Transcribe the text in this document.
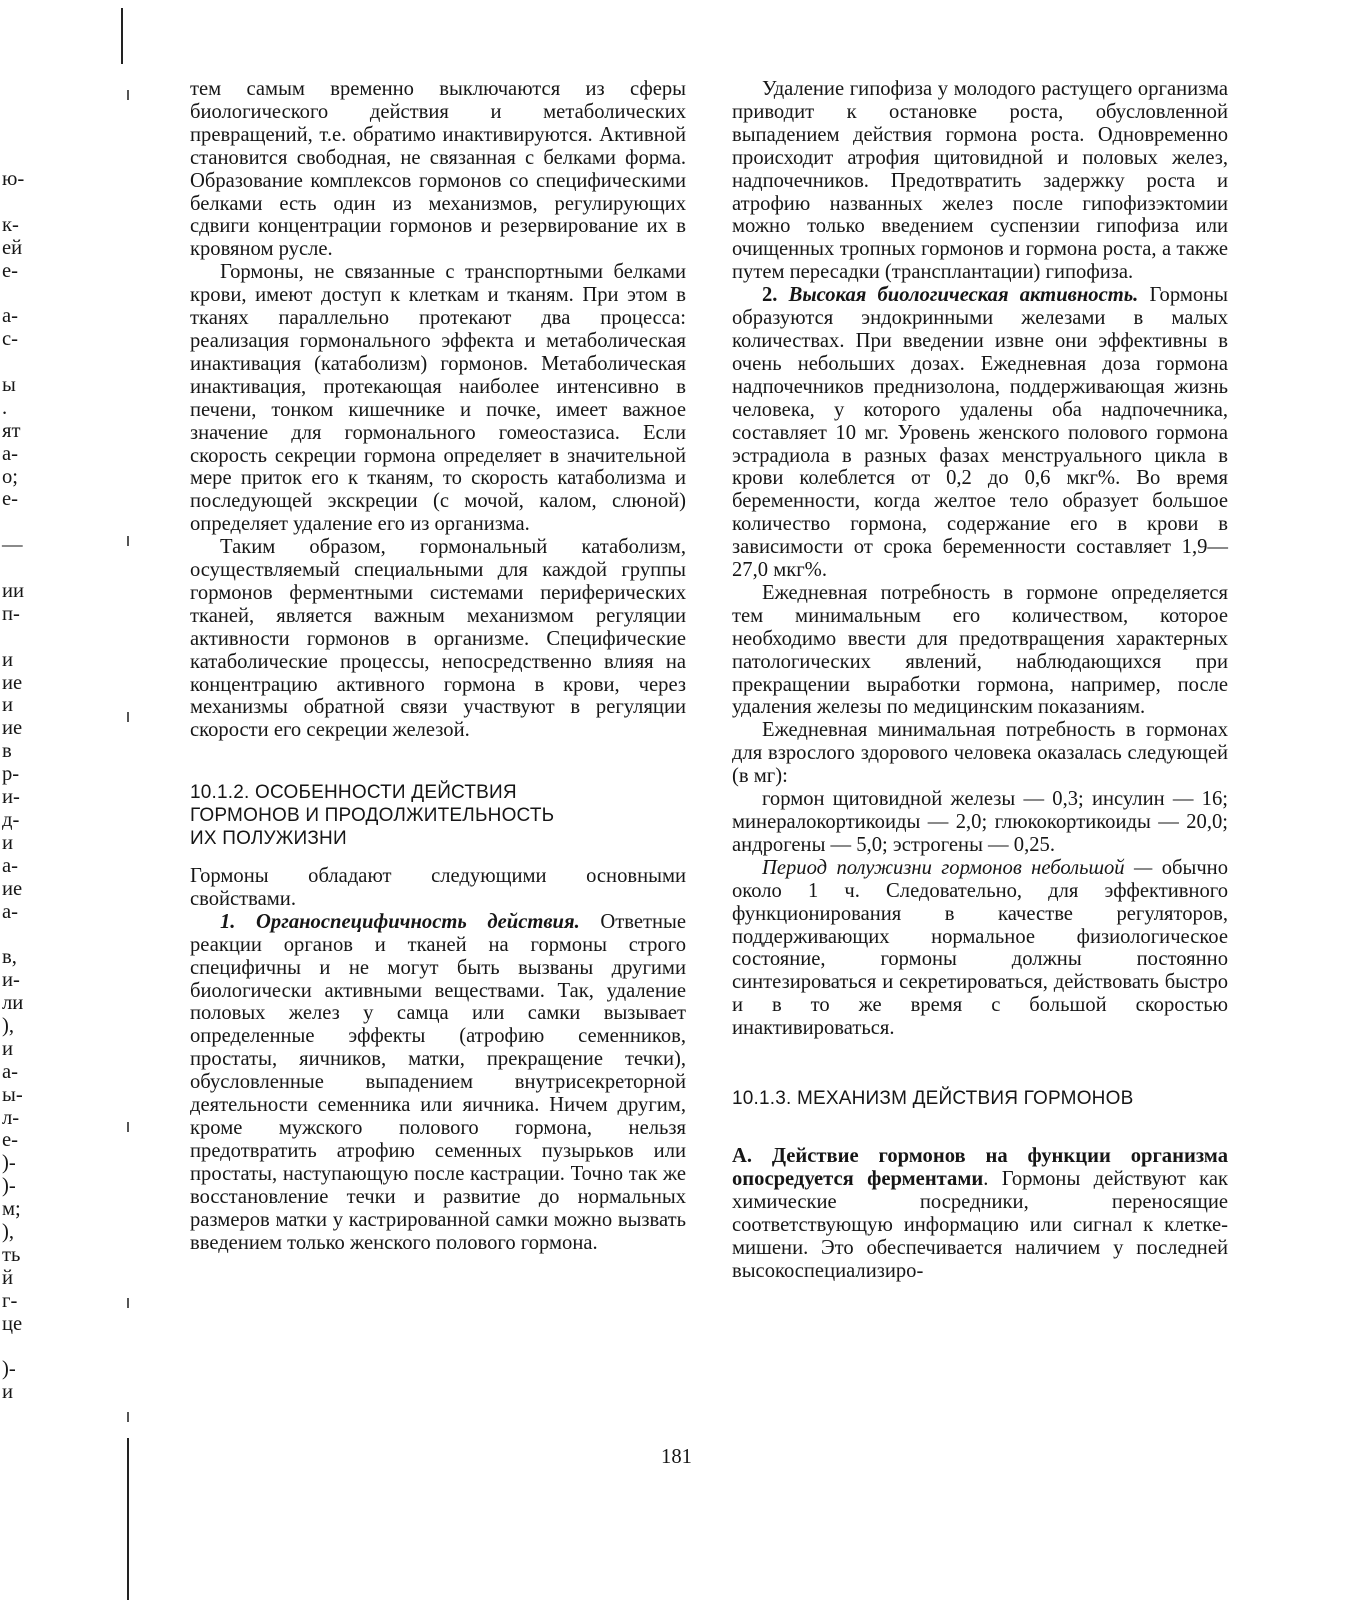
ю-
к-
ей
е-
а-
с-
ы
.
ят
а-
о;
е-
—
ии
п-
и
ие
и
ие
в
р-
и-
д-
и
а-
ие
а-
в,
и-
ли
),
и
а-
ы-
л-
е-
)-
)-
м;
),
ть
й
г-
це
)-
и

тем самым временно выключаются из сферы биологического действия и метаболических превращений, т.е. обратимо инактивируются. Активной становится свободная, не связанная с белками форма. Образование комплексов гормонов со специфическими белками есть один из механизмов, регулирующих сдвиги концентрации гормонов и резервирование их в кровяном русле.

Гормоны, не связанные с транспортными белками крови, имеют доступ к клеткам и тканям. При этом в тканях параллельно протекают два процесса: реализация гормонального эффекта и метаболическая инактивация (катаболизм) гормонов. Метаболическая инактивация, протекающая наиболее интенсивно в печени, тонком кишечнике и почке, имеет важное значение для гормонального гомеостазиса. Если скорость секреции гормона определяет в значительной мере приток его к тканям, то скорость катаболизма и последующей экскреции (с мочой, калом, слюной) определяет удаление его из организма.

Таким образом, гормональный катаболизм, осуществляемый специальными для каждой группы гормонов ферментными системами периферических тканей, является важным механизмом регуляции активности гормонов в организме. Специфические катаболические процессы, непосредственно влияя на концентрацию активного гормона в крови, через механизмы обратной связи участвуют в регуляции скорости его секреции железой.

10.1.2. ОСОБЕННОСТИ ДЕЙСТВИЯ
ГОРМОНОВ И ПРОДОЛЖИТЕЛЬНОСТЬ
ИХ ПОЛУЖИЗНИ

Гормоны обладают следующими основными свойствами.

1. Органоспецифичность действия. Ответные реакции органов и тканей на гормоны строго специфичны и не могут быть вызваны другими биологически активными веществами. Так, удаление половых желез у самца или самки вызывает определенные эффекты (атрофию семенников, простаты, яичников, матки, прекращение течки), обусловленные выпадением внутрисекреторной деятельности семенника или яичника. Ничем другим, кроме мужского полового гормона, нельзя предотвратить атрофию семенных пузырьков или простаты, наступающую после кастрации. Точно так же восстановление течки и развитие до нормальных размеров матки у кастрированной самки можно вызвать введением только женского полового гормона.

Удаление гипофиза у молодого растущего организма приводит к остановке роста, обусловленной выпадением действия гормона роста. Одновременно происходит атрофия щитовидной и половых желез, надпочечников. Предотвратить задержку роста и атрофию названных желез после гипофизэктомии можно только введением суспензии гипофиза или очищенных тропных гормонов и гормона роста, а также путем пересадки (трансплантации) гипофиза.

2. Высокая биологическая активность. Гормоны образуются эндокринными железами в малых количествах. При введении извне они эффективны в очень небольших дозах. Ежедневная доза гормона надпочечников преднизолона, поддерживающая жизнь человека, у которого удалены оба надпочечника, составляет 10 мг. Уровень женского полового гормона эстрадиола в разных фазах менструального цикла в крови колеблется от 0,2 до 0,6 мкг%. Во время беременности, когда желтое тело образует большое количество гормона, содержание его в крови в зависимости от срока беременности составляет 1,9—27,0 мкг%.

Ежедневная потребность в гормоне определяется тем минимальным его количеством, которое необходимо ввести для предотвращения характерных патологических явлений, наблюдающихся при прекращении выработки гормона, например, после удаления железы по медицинским показаниям.

Ежедневная минимальная потребность в гормонах для взрослого здорового человека оказалась следующей (в мг):

гормон щитовидной железы — 0,3; инсулин — 16; минералокортикоиды — 2,0; глюкокортикоиды — 20,0; андрогены — 5,0; эстрогены — 0,25.

Период полужизни гормонов небольшой — обычно около 1 ч. Следовательно, для эффективного функционирования в качестве регуляторов, поддерживающих нормальное физиологическое состояние, гормоны должны постоянно синтезироваться и секретироваться, действовать быстро и в то же время с большой скоростью инактивироваться.

10.1.3. МЕХАНИЗМ ДЕЙСТВИЯ ГОРМОНОВ

А. Действие гормонов на функции организма опосредуется ферментами. Гормоны действуют как химические посредники, переносящие соответствующую информацию или сигнал к клетке-мишени. Это обеспечивается наличием у последней высокоспециализиро-

181
